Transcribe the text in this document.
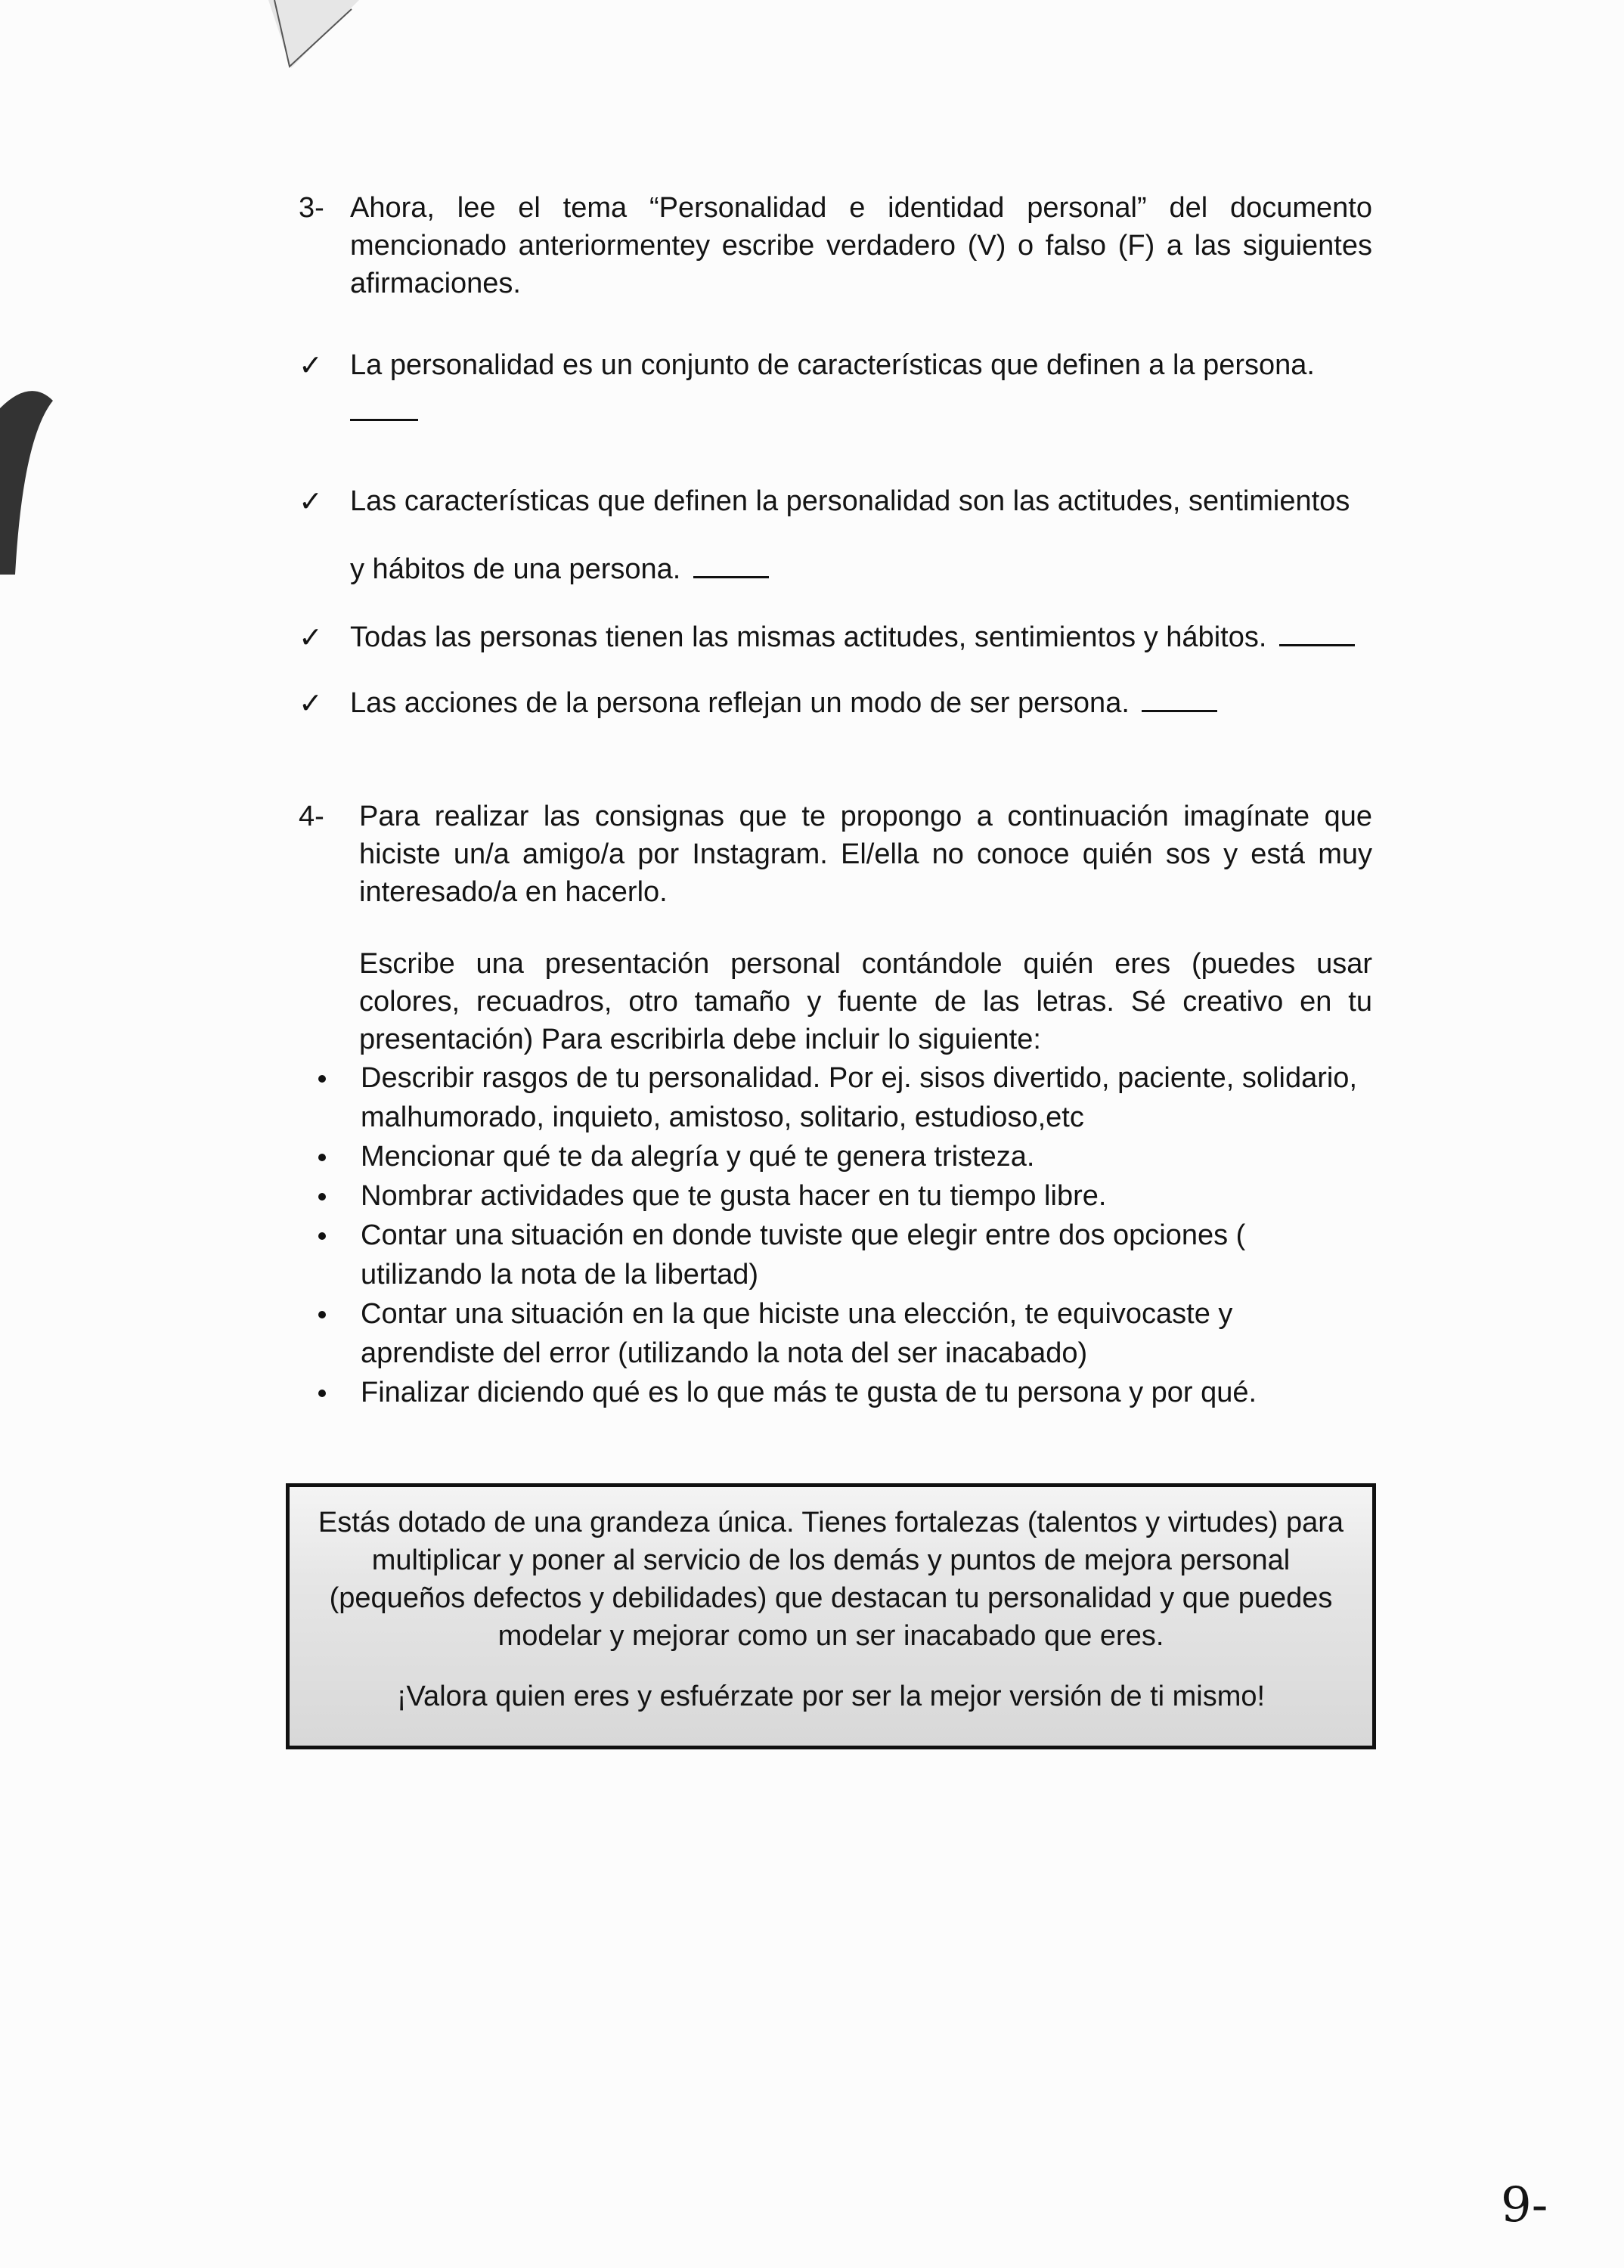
3- Ahora, lee el tema “Personalidad e identidad personal” del documento mencionado anteriormentey escribe verdadero (V) o falso (F) a las siguientes afirmaciones.
✓ La personalidad es un conjunto de características que definen a la persona.
✓ Las características que definen la personalidad son las actitudes, sentimientos
y hábitos de una persona.
✓ Todas las personas tienen las mismas actitudes, sentimientos y hábitos.
✓ Las acciones de la persona reflejan un modo de ser persona.
4- Para realizar las consignas que te propongo a continuación imagínate que hiciste un/a amigo/a por Instagram. El/ella no conoce quién sos y está muy interesado/a en hacerlo.
Escribe una presentación personal contándole quién eres (puedes usar colores, recuadros, otro tamaño y fuente de las letras. Sé creativo en tu presentación) Para escribirla debe incluir lo siguiente:
Describir rasgos de tu personalidad. Por ej. sisos divertido, paciente, solidario, malhumorado, inquieto, amistoso, solitario, estudioso,etc
Mencionar qué te da alegría y qué te genera tristeza.
Nombrar actividades que te gusta hacer en tu tiempo libre.
Contar una situación en donde tuviste que elegir entre dos opciones ( utilizando la nota de la libertad)
Contar una situación en la que hiciste una elección, te equivocaste y aprendiste del error (utilizando la nota del ser inacabado)
Finalizar diciendo qué es lo que más te gusta de tu persona y por qué.

Estás dotado de una grandeza única. Tienes fortalezas (talentos y virtudes) para multiplicar y poner al servicio de los demás y puntos de mejora personal (pequeños defectos y debilidades) que destacan tu personalidad y que puedes modelar y mejorar como un ser inacabado que eres.

¡Valora quien eres y esfuérzate por ser la mejor versión de ti mismo!

9-
